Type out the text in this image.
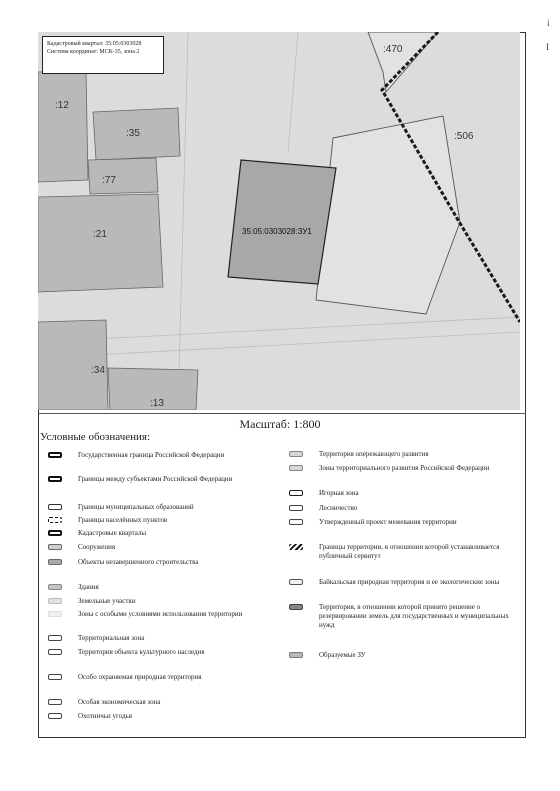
i
I
:470
:12
:35	:506
:77
:21
:34
:13
35:05:0303028:ЗУ1
Кадастровый квартал: 35:05:0303028
Система координат: МСК-35, зона 2
Масштаб: 1:800
Условные обозначения:
Государственная граница Российской Федерации
Границы между субъектами Российской Федерации
Границы муниципальных образований
Границы населённых пунктов
Кадастровые кварталы
Сооружения
Объекты незавершенного строительства
Здания
Земельные участки
Зоны с особыми условиями использования территории
Территориальная зона
Территория объекта культурного наследия
Особо охраняемая природная территория
Особая экономическая зона
Охотничьи угодья
Территория опережающего развития
Зоны территориального развития Российской Федерации
Игорная зона
Лесничество
Утвержденный проект межевания территории
Границы территории, в отношении которой устанавливается публичный сервитут
Байкальская природная территория и ее экологические зоны
Территория, в отношении которой принято решение о резервировании земель для государственных и муниципальных нужд
Образуемые ЗУ
